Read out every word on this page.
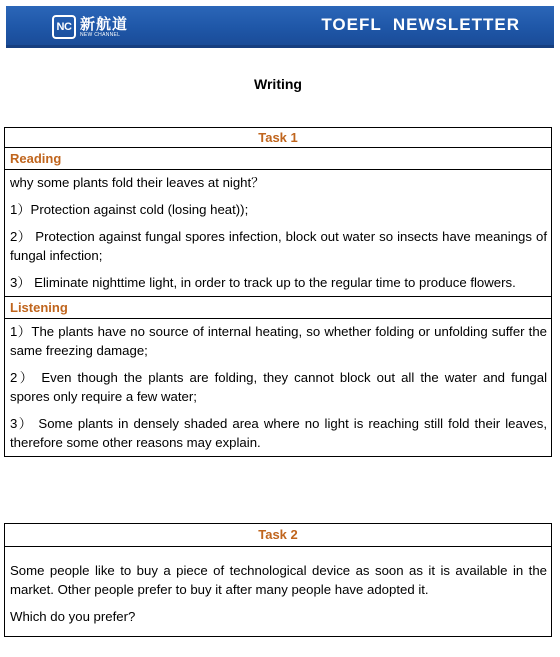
NC 新航道
NEW CHANNEL
TOEFL  NEWSLETTER
Writing
Task 1
Reading

why some plants fold their leaves at night？

1）Protection against cold (losing heat));

2） Protection against fungal spores infection, block out water so insects have meanings of fungal infection;

3） Eliminate nighttime light, in order to track up to the regular time to produce flowers.

Listening

1）The plants have no source of internal heating, so whether folding or unfolding suffer the same freezing damage;

2） Even though the plants are folding, they cannot block out all the water and fungal spores only require a few water;

3） Some plants in densely shaded area where no light is reaching still fold their leaves, therefore some other reasons may explain.

Task 2

Some people like to buy a piece of technological device as soon as it is available in the market. Other people prefer to buy it after many people have adopted it.

Which do you prefer?
